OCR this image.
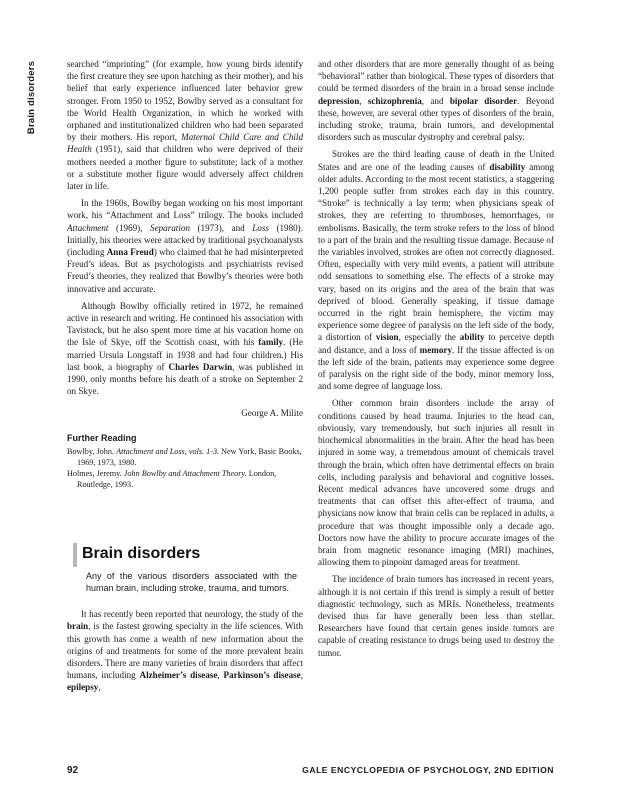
Brain disorders	searched “imprinting” (for example, how young birds identify the first creature they see upon hatching as their mother), and his belief that early experience influenced later behavior grew stronger. From 1950 to 1952, Bowlby served as a consultant for the World Health Organization, in which he worked with orphaned and institutionalized children who had been separated by their mothers. His report, Maternal Child Care and Child Health (1951), said that children who were deprived of their mothers needed a mother figure to substitute; lack of a mother or a substitute mother figure would adversely affect children later in life.

In the 1960s, Bowlby began working on his most important work, his “Attachment and Loss” trilogy. The books included Attachment (1969), Separation (1973), and Loss (1980). Initially, his theories were attacked by traditional psychoanalysts (including Anna Freud) who claimed that he had misinterpreted Freud’s ideas. But as psychologists and psychiatrists revised Freud’s theories, they realized that Bowlby’s theories were both innovative and accurate.

Although Bowlby officially retired in 1972, he remained active in research and writing. He continued his association with Tavistock, but he also spent more time at his vacation home on the Isle of Skye, off the Scottish coast, with his family. (He married Ursula Longstaff in 1938 and had four children.) His last book, a biography of Charles Darwin, was published in 1990, only months before his death of a stroke on September 2 on Skye.

George A. Milite
Further Reading
Bowlby, John. Attachment and Loss, vols. 1-3. New York, Basic Books, 1969, 1973, 1980.
Holmes, Jeremy. John Bowlby and Attachment Theory. London, Routledge, 1993.
Brain disorders
Any of the various disorders associated with the human brain, including stroke, trauma, and tumors.

It has recently been reported that neurology, the study of the brain, is the fastest growing specialty in the life sciences. With this growth has come a wealth of new information about the origins of and treatments for some of the more prevalent brain disorders. There are many varieties of brain disorders that affect humans, including Alzheimer’s disease, Parkinson’s disease, epilepsy,

and other disorders that are more generally thought of as being “behavioral” rather than biological. These types of disorders that could be termed disorders of the brain in a broad sense include depression, schizophrenia, and bipolar disorder. Beyond these, however, are several other types of disorders of the brain, including stroke, trauma, brain tumors, and developmental disorders such as muscular dystrophy and cerebral palsy.

Strokes are the third leading cause of death in the United States and are one of the leading causes of disability among older adults. According to the most recent statistics, a staggering 1,200 people suffer from strokes each day in this country. “Stroke” is technically a lay term; when physicians speak of strokes, they are referring to thromboses, hemorrhages, or embolisms. Basically, the term stroke refers to the loss of blood to a part of the brain and the resulting tissue damage. Because of the variables involved, strokes are often not correctly diagnosed. Often, especially with very mild events, a patient will attribute odd sensations to something else. The effects of a stroke may vary, based on its origins and the area of the brain that was deprived of blood. Generally speaking, if tissue damage occurred in the right brain hemisphere, the victim may experience some degree of paralysis on the left side of the body, a distortion of vision, especially the ability to perceive depth and distance, and a loss of memory. If the tissue affected is on the left side of the brain, patients may experience some degree of paralysis on the right side of the body, minor memory loss, and some degree of language loss.

Other common brain disorders include the array of conditions caused by head trauma. Injuries to the head can, obviously, vary tremendously, but such injuries all result in biochemical abnormalities in the brain. After the head has been injured in some way, a tremendous amount of chemicals travel through the brain, which often have detrimental effects on brain cells, including paralysis and behavioral and cognitive losses. Recent medical advances have uncovered some drugs and treatments that can offset this after-effect of trauma, and physicians now know that brain cells can be replaced in adults, a procedure that was thought impossible only a decade ago. Doctors now have the ability to procure accurate images of the brain from magnetic resonance imaging (MRI) machines, allowing them to pinpoint damaged areas for treatment.

The incidence of brain tumors has increased in recent years, although it is not certain if this trend is simply a result of better diagnostic technology, such as MRIs. Nonetheless, treatments devised thus far have generally been less than stellar. Researchers have found that certain genes inside tumors are capable of creating resistance to drugs being used to destroy the tumor.

92	GALE ENCYCLOPEDIA OF PSYCHOLOGY, 2ND EDITION
